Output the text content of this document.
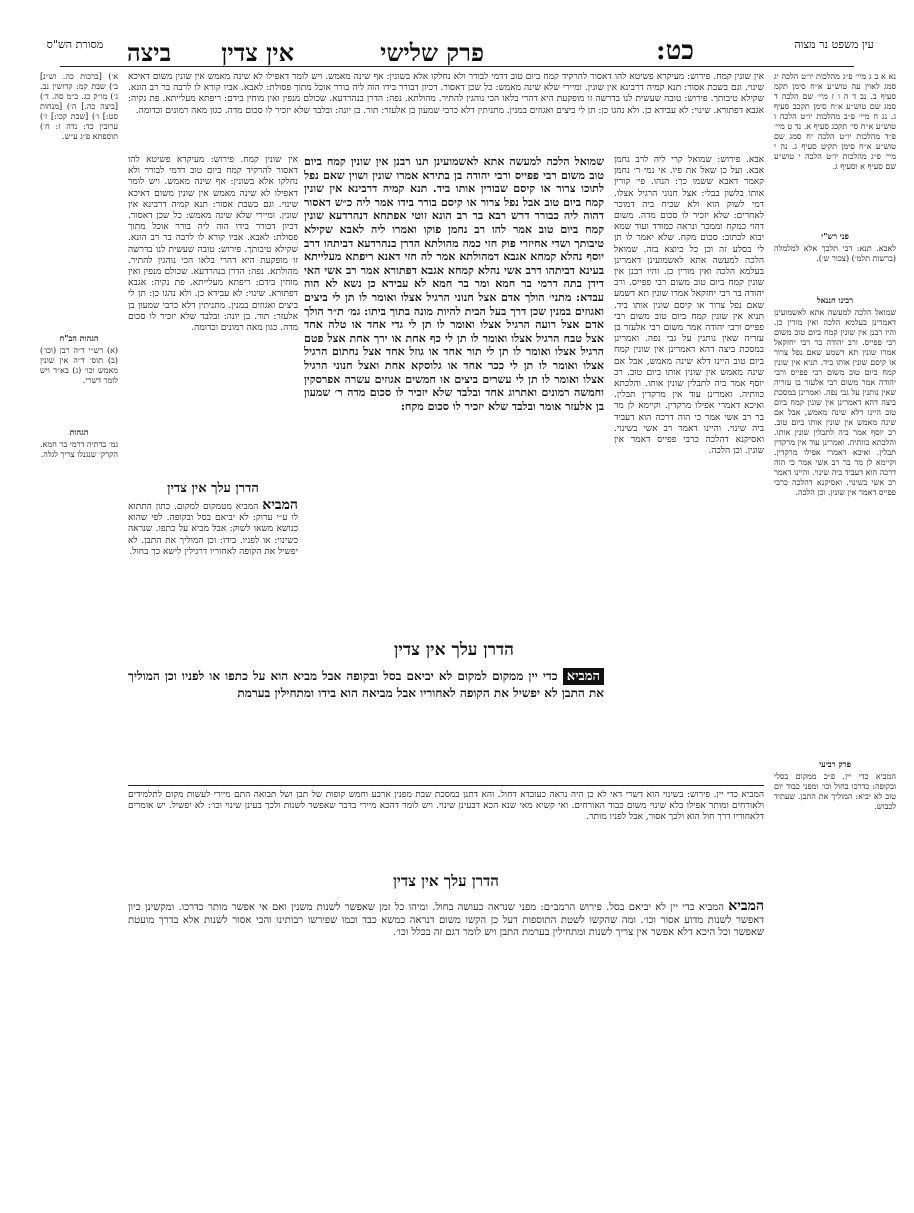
כט:
פרק שלישי
אין צדין      ביצה	עין משפט נר מצוה
מסורת הש"ס
נא א ב ג מיי׳ פ״ג מהלכות יו״ט הלכה יג סמג לאוין עה טוש״ע א״ח סימן תקמ סעיף ב. נב ד ה ו ז מיי׳ שם הלכה ד סמג שם טוש״ע א״ח סימן תקכב סעיף ג. נג ח מיי׳ פ״ב מהלכות יו״ט הלכה ו טוש״ע א״ח סי׳ תקכג סעיף א. נד ט מיי׳ פ״ד מהלכות יו״ט הלכה יח סמג שם טוש״ע א״ח סימן תקיט סעיף ג. נה י מיי׳ פ״ג מהלכות יו״ט הלכה י טוש״ע שם סעיף א וסעיף ג.
פני רש"י
לאבא. תנא: דבי תלכך אלא למלמלה (ברשות תלמ׳) (צכור ש׳).
רבינו חננאל
שמואל הלכה למעשה אתא לאשמועינן דאמרינן בעלמא הלכה ואין מורין כן. והיו רבנן אין שונין קמח ביום טוב משום רבי פפייס. ורב יהודה בר רבי יחזקאל אמרו שונין תא דשמע שאם נפל צרור או קיסם שונין אותו ביד. תניא אין שונין קמח ביום טוב משום רבי פפייס ורבי יהודה אמר משום רבי אלעזר בן עזריה שאין נותנין על גבי נפה. ואמרינן במסכת ביצה דהא דאמרינן אין שונין קמח ביום טוב היינו דלא שינה מאמש, אבל אם שינה מאמש אין שונין אותו ביום טוב. רב יוסף אמר ביה לתבלין שונין אותו. והלכתא כוותיה. ואמרינן עוד אין מרקדין תבלין. ואיכא דאמרי אפילו מרקדין. וקיימא לן מר בר רב אשי אמר כי הוה דרכה הוא דעביד ביה שינוי. והיינו דאמר רב אשי בשינוי. ואסיקנא דהלכה כרבי פפייס דאמר אין שונין. וכן הלכה.
פרק רביעי
המביא כדי יין. פ״כ ממקום בסלי ובקופה: כדרכו בחול וכו׳ ומפני כבוד יום טוב לא יביא: המוליך את התבן. שעתיד לכבוש.
א׳) [ברכות כה. וש״נ] ב׳) שבת קמ: קדושין נב. ג׳) מו״ק כג. ב״מ סה. ד׳) [ביצה כה.] ה׳) [מנחות סט:] ו׳) [שבת קכו:] ז׳) ערובין כד: נדה ז: ח׳) תוספתא פ״ג ע״ש.
הגהות הב"ח
(א) רש״י ד״ה רבן (וכו׳) (ב) תוס׳ ד״ה אין שונין מאמש וכו׳ (ג) בא״ד ויש לומר דשרי.
הגהות
גמ׳ בדתיה דרמי בר חמא. הקרק׳ שנגנלו צריך לגלה.
אין שונין קמח. פירוש: מעיקרא פשיטא להו דאסור להרקיד קמח ביום טוב דדמי לבורר ולא נחלקו אלא בשונין: אף שינה מאמש. ויש לומר דאפילו לא שינה מאמש אין שונין משום דאיכא שינוי. וגם בשבת אסור: תנא קמיה דרבינא אין שונין. ומיירי שלא שינה מאמש: כל שכן דאסור. דכיון דבורר בידו הוה ליה בורר אוכל מתוך פסולת: לאבא. אביו קורא לו לרבה בר רב הונא. שקילא טיבותך. פירוש: טובה שעשית לנו בדרשה זו מופקעת היא דהרי בלאו הכי נוהגין להתיר. מהולתא. נפה: הדרן בנהרדעא. שכולם מנפין ואין מוחין בידם: ריפתא מעלייתא. פת נקיה: אגבא דפתורא. שינוי: לא עבידא כן. ולא נהגו כן: תן לי ביצים ואגוזים במנין. מתניתין דלא כרבי שמעון בן אלעזר: תור. בן יונה: ובלבד שלא יזכיר לו סכום מדה. כגון מאה רמונים וכדומה.
אבא. פירוש: שמואל קרי ליה לרב נחמן אבא. ועל כן שאל את פיו. אי נמי ר׳ נחמן קאמר דאבא ששמו כך: הנהו. פי׳ קורין אותו בלשון בבלי: אצל חנוני הרגיל אצלו. דמי לשוק הוא ולא שכיח ביה דמוכר לאחרים: שלא יזכיר לו סכום מדה. משום דהוי כמקח וממכר ונראה כמודד ועוד שמא יבוא לכתוב: סכום מקח. שלא יאמר לו תן לי בסלע זה וכן כל כיוצא בזה. שמואל הלכה למעשה אתא לאשמועינן דאמרינן בעלמא הלכה ואין מורין כן. והיו רבנן אין שונין קמח ביום טוב משום רבי פפייס. ורב יהודה בר רבי יחזקאל אמרו שונין תא דשמע שאם נפל צרור או קיסם שונין אותו ביד. תניא אין שונין קמח ביום טוב משום רבי פפייס ורבי יהודה אמר משום רבי אלעזר בן עזריה שאין נותנין על גבי נפה. ואמרינן במסכת ביצה דהא דאמרינן אין שונין קמח ביום טוב היינו דלא שינה מאמש, אבל אם שינה מאמש אין שונין אותו ביום טוב. רב יוסף אמר ביה לתבלין שונין אותו. והלכתא כוותיה. ואמרינן עוד אין מרקדין תבלין. ואיכא דאמרי אפילו מרקדין. וקיימא לן מר בר רב אשי אמר כי הוה דרכה הוא דעביד ביה שינוי. והיינו דאמר רב אשי בשינוי. ואסיקנא דהלכה כרבי פפייס דאמר אין שונין. וכן הלכה.
אין שונין קמח. פירוש: מעיקרא פשיטא להו דאסור להרקיד קמח ביום טוב דדמי לבורר ולא נחלקו אלא בשונין: אף שינה מאמש. ויש לומר דאפילו לא שינה מאמש אין שונין משום דאיכא שינוי. וגם בשבת אסור: תנא קמיה דרבינא אין שונין. ומיירי שלא שינה מאמש: כל שכן דאסור. דכיון דבורר בידו הוה ליה בורר אוכל מתוך פסולת: לאבא. אביו קורא לו לרבה בר רב הונא. שקילא טיבותך. פירוש: טובה שעשית לנו בדרשה זו מופקעת היא דהרי בלאו הכי נוהגין להתיר. מהולתא. נפה: הדרן בנהרדעא. שכולם מנפין ואין מוחין בידם: ריפתא מעלייתא. פת נקיה: אגבא דפתורא. שינוי: לא עבידא כן. ולא נהגו כן: תן לי ביצים ואגוזים במנין. מתניתין דלא כרבי שמעון בן אלעזר: תור. בן יונה: ובלבד שלא יזכיר לו סכום מדה. כגון מאה רמונים וכדומה.
שמואל הלכה למעשה אתא לאשמועינן תנו רבנן אין שונין קמח ביום טוב משום רבי פפייס ורבי יהודה בן בתירא אמרו שונין ושוין שאם נפל לתוכו צרור או קיסם שבורין אותו ביד. תנא קמיה דרבינא אין שונין קמח ביום טוב אבל נפל צרור או קיסם בורר בידו אמר ליה כ״ש דאסור דהוה ליה כבורר דרש רבא בר רב הונא זוטי אפתחא דנהרדעא שונין קמח ביום טוב אמר להו רב נחמן פוקו ואמרו ליה לאבא שקילא טיבותך ושדי אחיזרי פוק חזי כמה מהולתא הדרן בנהרדעא דביתהו דרב יוסף נהלא קמחא אגבא דמהולתא אמר לה חזי דאנא ריפתא מעלייתא בעינא דביתהו דרב אשי נהלא קמחא אגבא דפתורא אמר רב אשי האי דידן בתה דרמי בר חמא ומר בר חמא לא עבידא כן נשא לא הוה עבדא: מתני׳ הולך אדם אצל חנוני הרגיל אצלו ואומר לו תן לי ביצים ואגוזים במנין שכן דרך בעל הבית להיות מונה בתוך ביתו: גמ׳ ת״ר הולך אדם אצל רועה הרגיל אצלו ואומר לו תן לי גדי אחד או טלה אחד אצל טבח הרגיל אצלו ואומר לו תן לי כף אחת או ירך אחת אצל פטם הרגיל אצלו ואומר לו תן לי תור אחד או גוזל אחד אצל נחתום הרגיל אצלו ואומר לו תן לי ככר אחד או גלוסקא אחת ואצל חנוני הרגיל אצלו ואומר לו תן לי עשרים ביצים או חמשים אגוזים עשרה אפרסקין וחמשה רמונים ואתרוג אחד ובלבד שלא יזכיר לו סכום מדה ר׳ שמעון בן אלעזר אומר ובלבד שלא יזכיר לו סכום מקח:
הדרן עלך אין צדין
הדרן עלך אין צדין
המביא המביא מטמקום למקום. כתון התתוא לו ע״י ערוק: לא יביאם בסל ובקופה. לפי שהוא כנושא משאו לשוק: אבל מביא על כתפו. שנראה כשינוי: או לפניו. בידו: וכן המוליך את התבן. לא יפשיל את הקופה לאחוריו דרגילין לישא כך בחול.
המביא כדי יין ממקום למקום לא יביאם בסל ובקופה אבל מביא הוא על כתפו או לפניו וכן המוליך את התבן לא יפשיל את הקופה לאחוריו אבל מביאה הוא בידו ומתחילין בערמת
המביא כדי יין. פירוש: בשינוי הוא דשרי דאי לא כן היה נראה כעובדא דחול. והא דתנן במסכת שבת מפנין ארבע וחמש קופות של תבן ושל תבואה התם מיירי לעשות מקום לתלמידים ולאורחים ומותר אפילו בלא שינוי משום כבוד האורחים. ואי קשיא מאי שנא הכא דבעינן שינוי. ויש לומר דהכא מיירי בדבר שאפשר לשנות ולכך בעינן שינוי וכו׳: לא יפשיל. יש אומרים דלאחוריו דרך חול הוא ולכך אסור, אבל לפניו מותר.
הדרן עלך אין צדין
המביא המביא כדי יין לא יביאם בסל. פירוש הרמב״ם: מפני שנראה כעושה בחול. ומיהו כל זמן שאפשר לשנות משנין ואם אי אפשר מותר כדרכו. ומקשינן כיון דאפשר לשנות מדוע אסור וכו׳. ומה שהקשו לשטת התוספות דעל כן הקשו משום דנראה כמשא כבד וכמו שפירשו רבותינו והכי אסור לשנות אלא בדרך מועטת שאפשר וכל היכא דלא אפשר אין צריך לשנות ומתחילין בערמת התבן ויש לומר דגם זה בכלל וכו׳.
